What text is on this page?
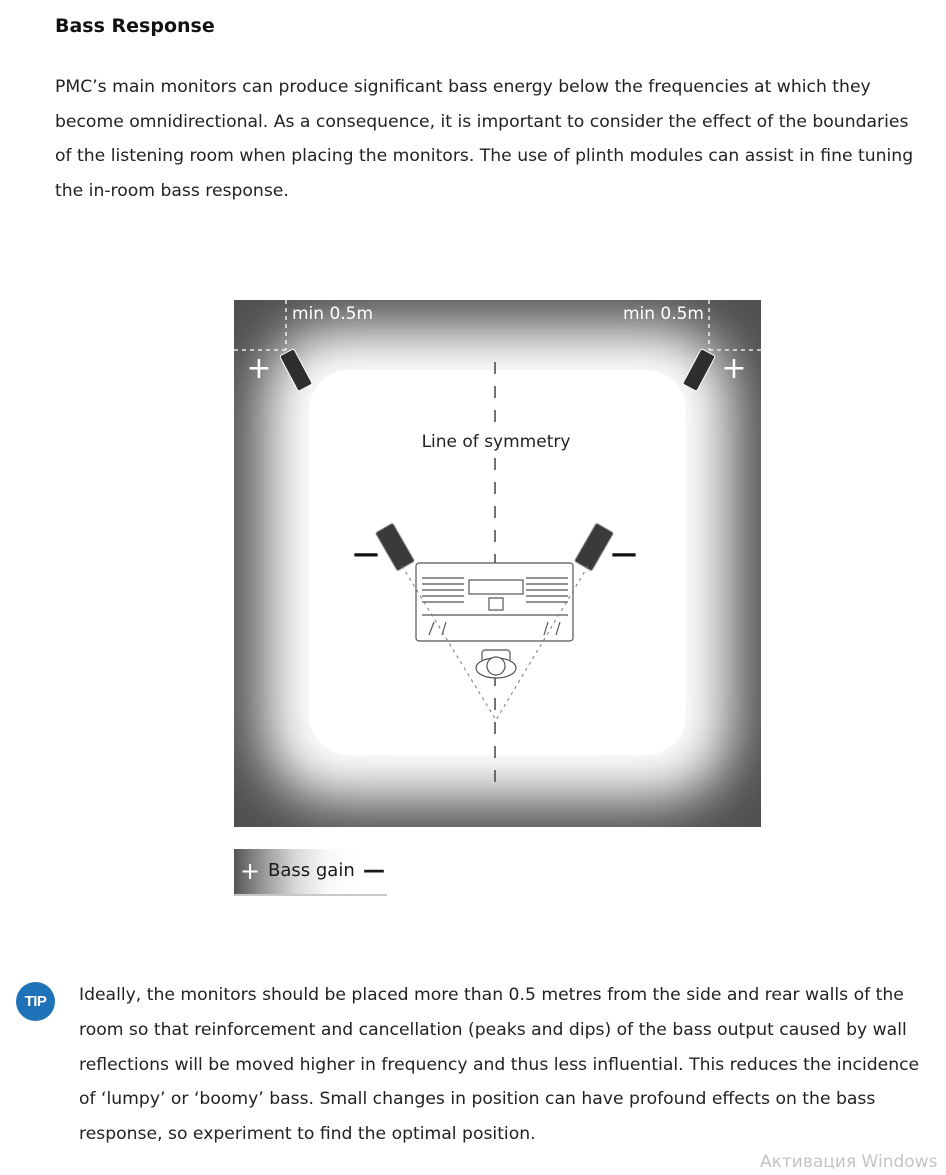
Bass Response

PMC’s main monitors can produce significant bass energy below the frequencies at which they become omnidirectional. As a consequence, it is important to consider the effect of the boundaries of the listening room when placing the monitors. The use of plinth modules can assist in fine tuning the in-room bass response.

min 0.5m	min 0.5m
+	+
Line of symmetry
—	—
+ Bass gain —
TIP	Ideally, the monitors should be placed more than 0.5 metres from the side and rear walls of the room so that reinforcement and cancellation (peaks and dips) of the bass output caused by wall reflections will be moved higher in frequency and thus less influential. This reduces the incidence of ‘lumpy’ or ‘boomy’ bass. Small changes in position can have profound effects on the bass response, so experiment to find the optimal position.

Активация Windows
